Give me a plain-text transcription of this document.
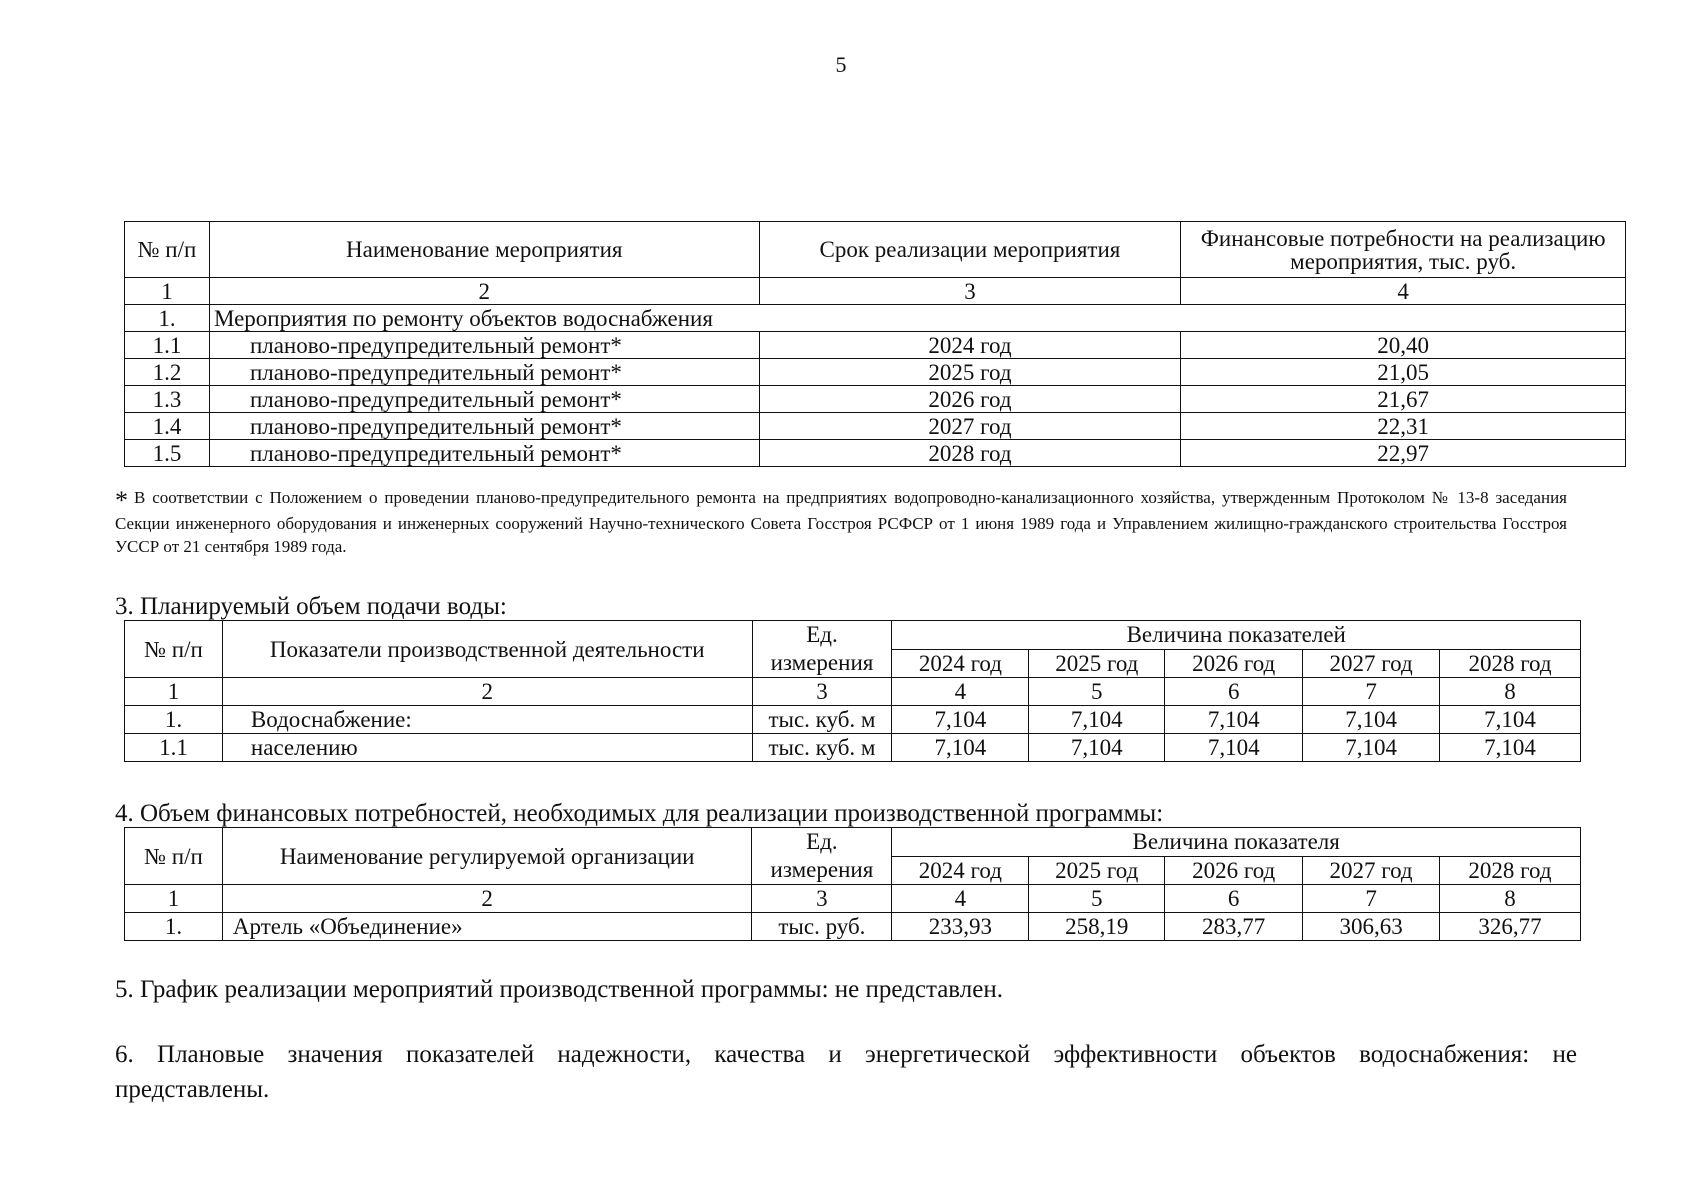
5
№ п/п	Наименование мероприятия	Срок реализации мероприятия	Финансовые потребности на реализацию мероприятия, тыс. руб.
1	2	3	4
1.	Мероприятия по ремонту объектов водоснабжения		
1.1	планово-предупредительный ремонт*	2024 год	20,40
1.2	планово-предупредительный ремонт*	2025 год	21,05
1.3	планово-предупредительный ремонт*	2026 год	21,67
1.4	планово-предупредительный ремонт*	2027 год	22,31
1.5	планово-предупредительный ремонт*	2028 год	22,97
* В соответствии с Положением о проведении планово-предупредительного ремонта на предприятиях водопроводно-канализационного хозяйства, утвержденным Протоколом № 13-8 заседания Секции инженерного оборудования и инженерных сооружений Научно-технического Совета Госстроя РСФСР от 1 июня 1989 года и Управлением жилищно-гражданского строительства Госстроя УССР от 21 сентября 1989 года.
3. Планируемый объем подачи воды:
№ п/п	Показатели производственной деятельности	Ед. измерения	Величина показателей				
			2024 год	2025 год	2026 год	2027 год	2028 год
1	2	3	4	5	6	7	8
1.	Водоснабжение:	тыс. куб. м	7,104	7,104	7,104	7,104	7,104
1.1	населению	тыс. куб. м	7,104	7,104	7,104	7,104	7,104
4. Объем финансовых потребностей, необходимых для реализации производственной программы:
№ п/п	Наименование регулируемой организации	Ед. измерения	Величина показателя				
			2024 год	2025 год	2026 год	2027 год	2028 год
1	2	3	4	5	6	7	8
1.	Артель «Объединение»	тыс. руб.	233,93	258,19	283,77	306,63	326,77
5. График реализации мероприятий производственной программы: не представлен.
6. Плановые значения показателей надежности, качества и энергетической эффективности объектов водоснабжения: не представлены.
